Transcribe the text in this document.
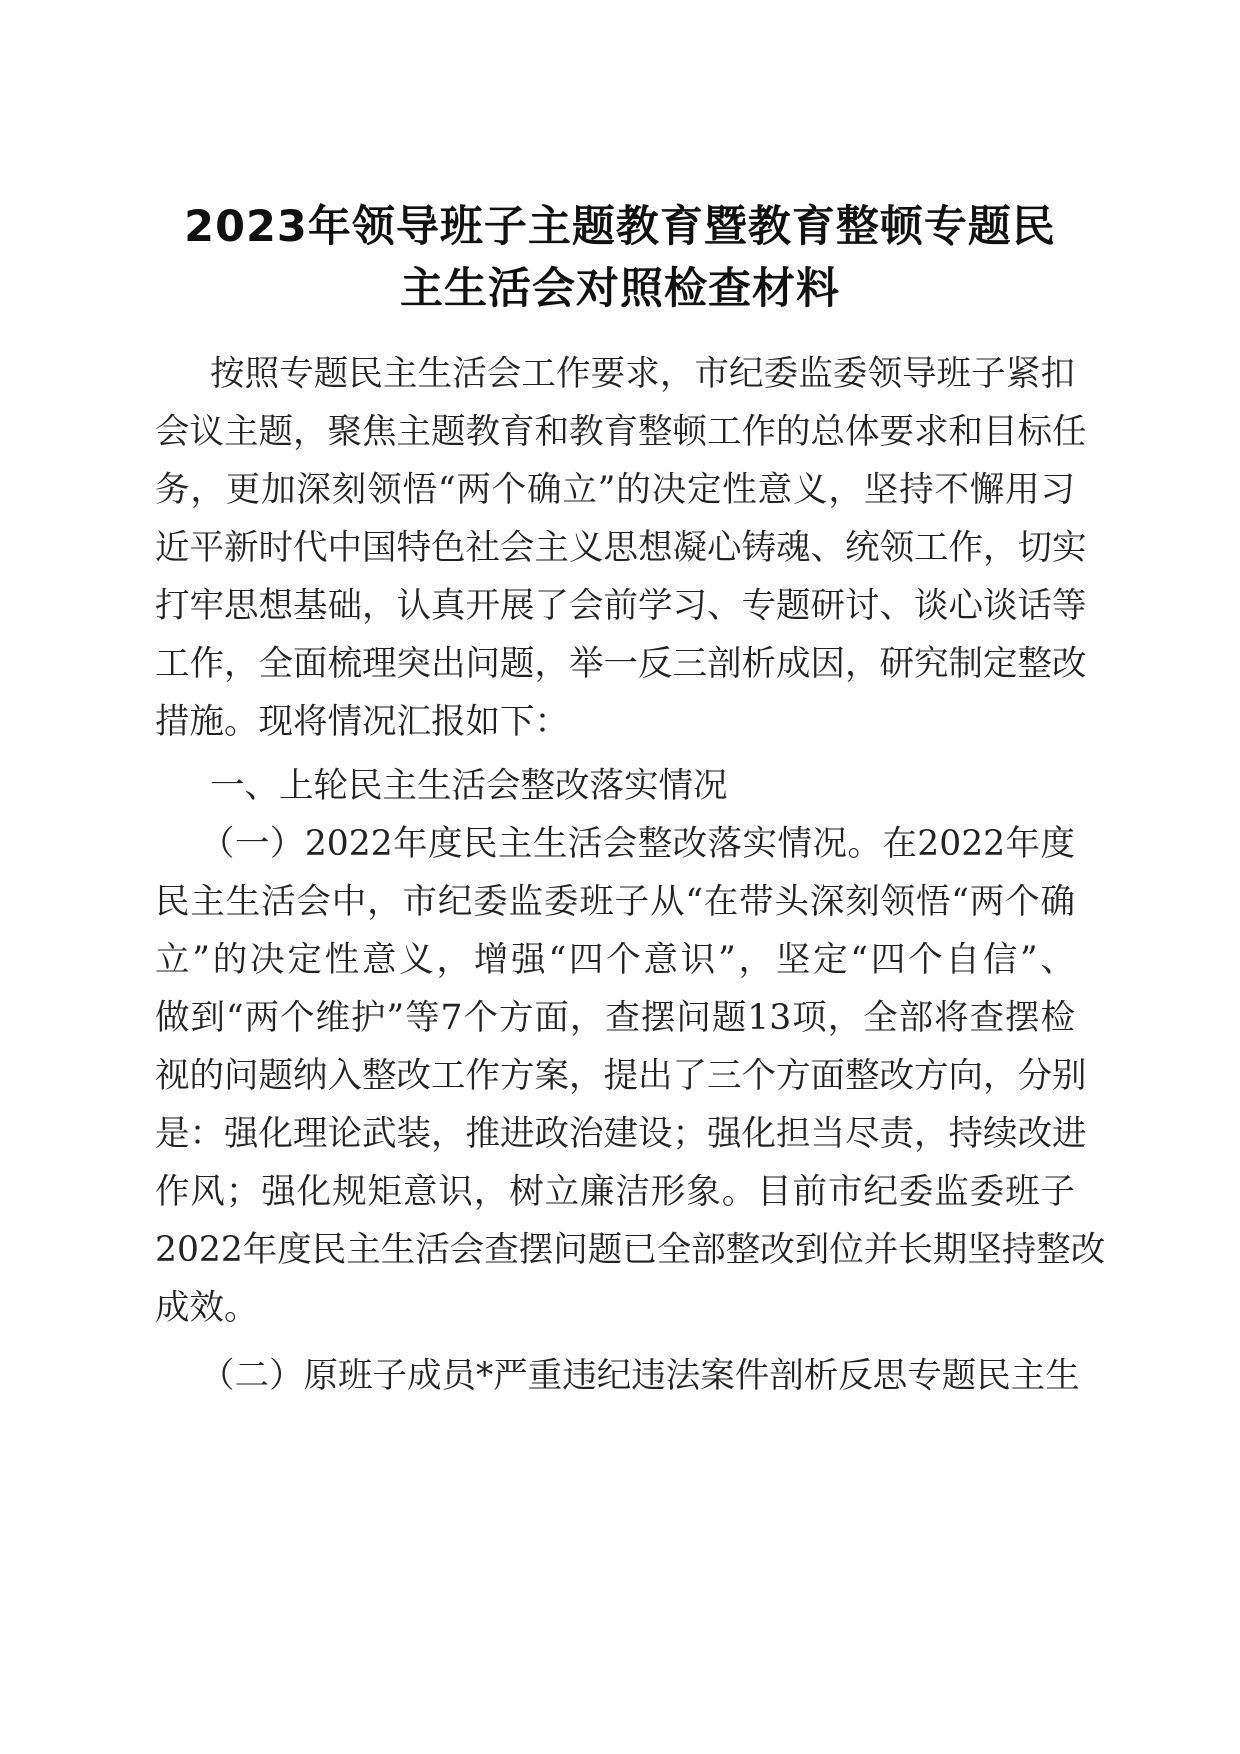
2023年领导班子主题教育暨教育整顿专题民
主生活会对照检查材料
按照专题民主生活会工作要求，市纪委监委领导班子紧扣
会议主题，聚焦主题教育和教育整顿工作的总体要求和目标任
务，更加深刻领悟“两个确立”的决定性意义，坚持不懈用习
近平新时代中国特色社会主义思想凝心铸魂、统领工作，切实
打牢思想基础，认真开展了会前学习、专题研讨、谈心谈话等
工作，全面梳理突出问题，举一反三剖析成因，研究制定整改
措施。现将情况汇报如下：
一、上轮民主生活会整改落实情况
（一）2022年度民主生活会整改落实情况。在2022年度
民主生活会中，市纪委监委班子从“在带头深刻领悟“两个确
立”的决定性意义，增强“四个意识”，坚定“四个自信”、
做到“两个维护”等7个方面，查摆问题13项，全部将查摆检
视的问题纳入整改工作方案，提出了三个方面整改方向，分别
是：强化理论武装，推进政治建设；强化担当尽责，持续改进
作风；强化规矩意识，树立廉洁形象。目前市纪委监委班子
2022年度民主生活会查摆问题已全部整改到位并长期坚持整改
成效。
（二）原班子成员*严重违纪违法案件剖析反思专题民主生
